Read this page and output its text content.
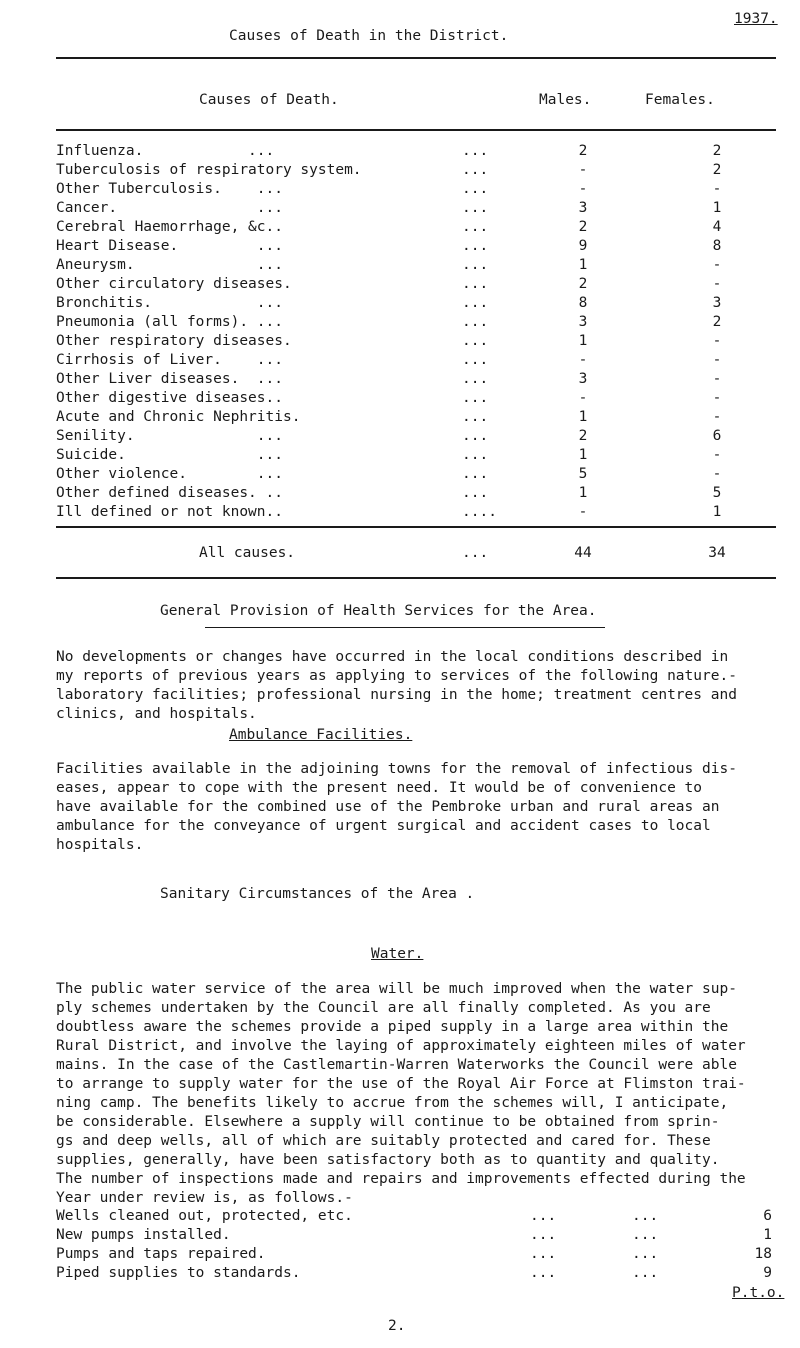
1937.
Causes of Death in the District.
Causes of Death.	Males.	Females.
Influenza.            ...	...	2	2
Tuberculosis of respiratory system.	...	-	2
Other Tuberculosis.    ...	...	-	-
Cancer.                ...	...	3	1
Cerebral Haemorrhage, &c..	...	2	4
Heart Disease.         ...	...	9	8
Aneurysm.              ...	...	1	-
Other circulatory diseases.	...	2	-
Bronchitis.            ...	...	8	3
Pneumonia (all forms). ...	...	3	2
Other respiratory diseases.	...	1	-
Cirrhosis of Liver.    ...	...	-	-
Other Liver diseases.  ...	...	3	-
Other digestive diseases..	...	-	-
Acute and Chronic Nephritis.	...	1	-
Senility.              ...	...	2	6
Suicide.               ...	...	1	-
Other violence.        ...	...	5	-
Other defined diseases. ..	...	1	5
Ill defined or not known..	....	-	1
All causes.	...	44	34
General Provision of Health Services for the Area.
No developments or changes have occurred in the local conditions described in
my reports of previous years as applying to services of the following nature.-
laboratory facilities; professional nursing in the home; treatment centres and
clinics, and hospitals.
Ambulance Facilities.
Facilities available in the adjoining towns for the removal of infectious dis-
eases, appear to cope with the present need. It would be of convenience to
have available for the combined use of the Pembroke urban and rural areas an
ambulance for the conveyance of urgent surgical and accident cases to local
hospitals.
Sanitary Circumstances of the Area .
Water.
The public water service of the area will be much improved when the water sup-
ply schemes undertaken by the Council are all finally completed. As you are
doubtless aware the schemes provide a piped supply in a large area within the
Rural District, and involve the laying of approximately eighteen miles of water
mains. In the case of the Castlemartin-Warren Waterworks the Council were able
to arrange to supply water for the use of the Royal Air Force at Flimston trai-
ning camp. The benefits likely to accrue from the schemes will, I anticipate,
be considerable. Elsewhere a supply will continue to be obtained from sprin-
gs and deep wells, all of which are suitably protected and cared for. These
supplies, generally, have been satisfactory both as to quantity and quality.
The number of inspections made and repairs and improvements effected during the
Year under review is, as follows.-
Wells cleaned out, protected, etc.	...	...	6
New pumps installed.	...	...	1
Pumps and taps repaired.	...	...	18
Piped supplies to standards.	...	...	9
P.t.o.
2.
